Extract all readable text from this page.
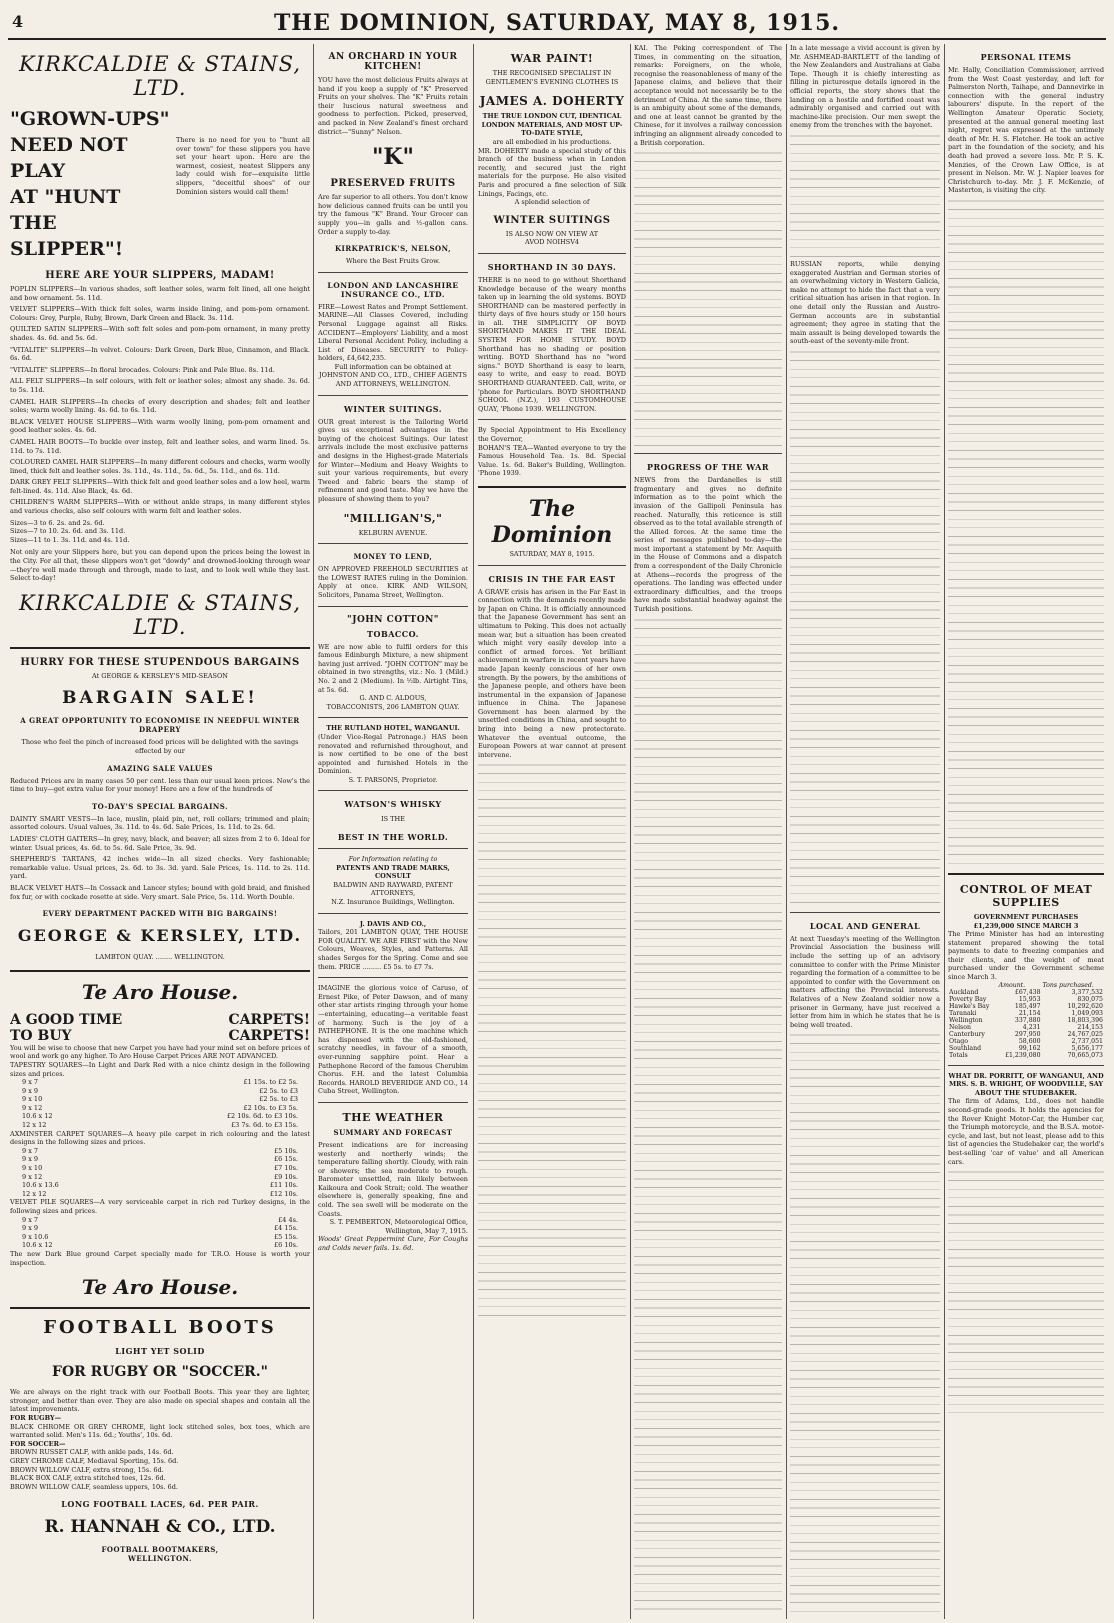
4	THE DOMINION, SATURDAY, MAY 8, 1915.
KIRKCALDIE & STAINS, LTD.
"GROWN-UPS"
NEED NOT PLAY
AT "HUNT THE
SLIPPER"!
There is no need for you to "hunt all over town" for these slippers you have set your heart upon. Here are the warmest, cosiest, neatest Slippers any lady could wish for—exquisite little slippers, "deceitful shoes" of our Dominion sisters would call them!
HERE ARE YOUR SLIPPERS, MADAM!

POPLIN SLIPPERS—In various shades, soft leather soles, warm felt lined, all one height and bow ornament. 5s. 11d.

VELVET SLIPPERS—With thick felt soles, warm inside lining, and pom-pom ornament. Colours: Grey, Purple, Ruby, Brown, Dark Green and Black. 3s. 11d.

QUILTED SATIN SLIPPERS—With soft felt soles and pom-pom ornament, in many pretty shades. 4s. 6d. and 5s. 6d.

"VITALITE" SLIPPERS—In velvet. Colours: Dark Green, Dark Blue, Cinnamon, and Black. 6s. 6d.

"VITALITE" SLIPPERS—In floral brocades. Colours: Pink and Pale Blue. 8s. 11d.

ALL FELT SLIPPERS—In self colours, with felt or leather soles; almost any shade. 3s. 6d. to 5s. 11d.

CAMEL HAIR SLIPPERS—In checks of every description and shades; felt and leather soles; warm woolly lining. 4s. 6d. to 6s. 11d.

BLACK VELVET HOUSE SLIPPERS—With warm woolly lining, pom-pom ornament and good leather soles. 4s. 6d.

CAMEL HAIR BOOTS—To buckle over instep, felt and leather soles, and warm lined. 5s. 11d. to 7s. 11d.

COLOURED CAMEL HAIR SLIPPERS—In many different colours and checks, warm woolly lined, thick felt and leather soles. 3s. 11d., 4s. 11d., 5s. 6d., 5s. 11d., and 6s. 11d.

DARK GREY FELT SLIPPERS—With thick felt and good leather soles and a low heel, warm felt-lined. 4s. 11d. Also Black, 4s. 6d.

CHILDREN'S WARM SLIPPERS—With or without ankle straps, in many different styles and various checks, also self colours with warm felt and leather soles.

Sizes—3 to 6. 2s. and 2s. 6d.
Sizes—7 to 10. 2s. 6d. and 3s. 11d.
Sizes—11 to 1. 3s. 11d. and 4s. 11d.

Not only are your Slippers here, but you can depend upon the prices being the lowest in the City. For all that, these slippers won't get "dowdy" and drowned-looking through wear—they're well made through and through, made to last, and to look well while they last. Select to-day!

KIRKCALDIE & STAINS, LTD.
HURRY FOR THESE STUPENDOUS BARGAINS
At GEORGE & KERSLEY'S MID-SEASON
BARGAIN SALE!
A GREAT OPPORTUNITY TO ECONOMISE IN NEEDFUL WINTER DRAPERY
Those who feel the pinch of increased food prices will be delighted with the savings effected by our
AMAZING SALE VALUES
Reduced Prices are in many cases 50 per cent. less than our usual keen prices. Now's the time to buy—get extra value for your money! Here are a few of the hundreds of
TO-DAY'S SPECIAL BARGAINS.

DAINTY SMART VESTS—In lace, muslin, plaid pin, net, roll collars; trimmed and plain; assorted colours. Usual values, 3s. 11d. to 4s. 6d. Sale Prices, 1s. 11d. to 2s. 6d.

LADIES' CLOTH GAITERS—In grey, navy, black, and beaver; all sizes from 2 to 6. Ideal for winter. Usual prices, 4s. 6d. to 5s. 6d. Sale Price, 3s. 9d.

SHEPHERD'S TARTANS, 42 inches wide—In all sized checks. Very fashionable; remarkable value. Usual prices, 2s. 6d. to 3s. 3d. yard. Sale Prices, 1s. 11d. to 2s. 11d. yard.

BLACK VELVET HATS—In Cossack and Lancer styles; bound with gold braid, and finished fox fur, or with cockade rosette at side. Very smart. Sale Price, 5s. 11d. Worth Double.

EVERY DEPARTMENT PACKED WITH BIG BARGAINS!
GEORGE & KERSLEY, LTD.
LAMBTON QUAY. ........ WELLINGTON.
Te Aro House.
A GOOD TIME
TO BUY
CARPETS!
CARPETS!
You will be wise to choose that new Carpet you have had your mind set on before prices of wool and work go any higher. To Aro House Carpet Prices ARE NOT ADVANCED.
TAPESTRY SQUARES—In Light and Dark Red with a nice chintz design in the following sizes and prices.
9 x 7	£1 15s. to £2 5s.
9 x 9	£2 5s. to £3
9 x 10	£2 5s. to £3
9 x 12	£2 10s. to £3 5s.
10.6 x 12	£2 10s. 6d. to £3 10s.
12 x 12	£3 7s. 6d. to £3 15s.
AXMINSTER CARPET SQUARES—A heavy pile carpet in rich colouring and the latest designs in the following sizes and prices.
9 x 7	£5 10s.
9 x 9	£6 15s.
9 x 10	£7 10s.
9 x 12	£9 10s.
10.6 x 13.6	£11 10s.
12 x 12	£12 10s.
VELVET PILE SQUARES—A very serviceable carpet in rich red Turkey designs, in the following sizes and prices.
9 x 7	£4 4s.
9 x 9	£4 15s.
9 x 10.6	£5 15s.
10.6 x 12	£6 10s.
The new Dark Blue ground Carpet specially made for T.R.O. House is worth your inspection.
Te Aro House.
FOOTBALL BOOTS
LIGHT YET SOLID
FOR RUGBY OR "SOCCER."
We are always on the right track with our Football Boots. This year they are lighter, stronger, and better than ever. They are also made on special shapes and contain all the latest improvements.
FOR RUGBY—
BLACK CHROME OR GREY CHROME, light lock stitched soles, box toes, which are warranted solid. Men's 11s. 6d.; Youths', 10s. 6d.
FOR SOCCER—
BROWN RUSSET CALF, with ankle pads, 14s. 6d.
GREY CHROME CALF, Mediaval Sporting, 15s. 6d.
BROWN WILLOW CALF, extra strong, 15s. 6d.
BLACK BOX CALF, extra stitched toes, 12s. 6d.
BROWN WILLOW CALF, seamless uppers, 10s. 6d.
LONG FOOTBALL LACES, 6d. PER PAIR.
R. HANNAH & CO., LTD.
FOOTBALL BOOTMAKERS,
WELLINGTON.
AN ORCHARD IN YOUR KITCHEN!
YOU have the most delicious Fruits always at hand if you keep a supply of "K" Preserved Fruits on your shelves. The "K" Fruits retain their luscious natural sweetness and goodness to perfection. Picked, preserved, and packed in New Zealand's finest orchard district—"Sunny" Nelson.
"K"
PRESERVED FRUITS
Are far superior to all others. You don't know how delicious canned fruits can be until you try the famous "K" Brand. Your Grocer can supply you—in galls and ½-gallon cans. Order a supply to-day.
KIRKPATRICK'S, NELSON,
Where the Best Fruits Grow.
LONDON AND LANCASHIRE INSURANCE CO., LTD.
FIRE—Lowest Rates and Prompt Settlement. MARINE—All Classes Covered, including Personal Luggage against all Risks. ACCIDENT—Employers' Liability, and a most Liberal Personal Accident Policy, including a List of Diseases. SECURITY to Policy-holders, £4,642,235.
Full information can be obtained at JOHNSTON AND CO., LTD., CHIEF AGENTS AND ATTORNEYS, WELLINGTON.
WINTER SUITINGS.
OUR great interest is the Tailoring World gives us exceptional advantages in the buying of the choicest Suitings. Our latest arrivals include the most exclusive patterns and designs in the Highest-grade Materials for Winter—Medium and Heavy Weights to suit your various requirements, but every Tweed and fabric bears the stamp of refinement and good taste. May we have the pleasure of showing them to you?
"MILLIGAN'S,"
KELBURN AVENUE.
MONEY TO LEND,
ON APPROVED FREEHOLD SECURITIES at the LOWEST RATES ruling in the Dominion. Apply at once. KIRK AND WILSON, Solicitors, Panama Street, Wellington.
"JOHN COTTON"
TOBACCO.
WE are now able to fulfil orders for this famous Edinburgh Mixture, a new shipment having just arrived. "JOHN COTTON" may be obtained in two strengths, viz.: No. 1 (Mild.) No. 2 and 2 (Medium). In ½lb. Airtight Tins, at 5s. 6d.
G. AND C. ALDOUS,
TOBACCONISTS, 206 LAMBTON QUAY.
THE RUTLAND HOTEL, WANGANUI.
(Under Vice-Regal Patronage.) HAS been renovated and refurnished throughout, and is now certified to be one of the best appointed and furnished Hotels in the Dominion.
S. T. PARSONS, Proprietor.
WATSON'S WHISKY
IS THE
BEST IN THE WORLD.
For Information relating to
PATENTS AND TRADE MARKS, CONSULT
BALDWIN AND RAYWARD, PATENT ATTORNEYS,
N.Z. Insurance Buildings, Wellington.
J. DAVIS AND CO.,
Tailors, 201 LAMBTON QUAY, THE HOUSE FOR QUALITY. WE ARE FIRST with the New Colours, Weaves, Styles, and Patterns. All shades Serges for the Spring. Come and see them. PRICE ......... £5 5s. to £7 7s.
IMAGINE the glorious voice of Caruso, of Ernest Pike, of Peter Dawson, and of many other star artists ringing through your home—entertaining, educating—a veritable feast of harmony. Such is the joy of a PATHEPHONE. It is the one machine which has dispensed with the old-fashioned, scratchy needles, in favour of a smooth, ever-running sapphire point. Hear a Pathephone Record of the famous Cherubim Chorus. F.H. and the latest Columbia Records. HAROLD BEVERIDGE AND CO., 14 Cuba Street, Wellington.
THE WEATHER
SUMMARY AND FORECAST
Present indications are for increasing westerly and northerly winds; the temperature falling shortly. Cloudy, with rain or showers; the sea moderate to rough. Barometer unsettled, rain likely between Kaikoura and Cook Strait; cold. The weather elsewhere is, generally speaking, fine and cold. The sea swell will be moderate on the Coasts.
S. T. PEMBERTON, Meteorological Office, Wellington, May 7, 1915.
Woods' Great Peppermint Cure, For Coughs and Colds never fails. 1s. 6d.
WAR PAINT!
THE RECOGNISED SPECIALIST IN GENTLEMEN'S EVENING CLOTHES IS
JAMES A. DOHERTY
THE TRUE LONDON CUT, IDENTICAL LONDON MATERIALS, AND MOST UP-TO-DATE STYLE,
are all embodied in his productions.
MR. DOHERTY made a special study of this branch of the business when in London recently, and secured just the right materials for the purpose. He also visited Paris and procured a fine selection of Silk Linings, Facings, etc.
A splendid selection of
WINTER SUITINGS
IS ALSO NOW ON VIEW AT
AVOD NOIHSV4
SHORTHAND IN 30 DAYS.
THERE is no need to go without Shorthand Knowledge because of the weary months taken up in learning the old systems. BOYD SHORTHAND can be mastered perfectly in thirty days of five hours study or 150 hours in all. THE SIMPLICITY OF BOYD SHORTHAND MAKES IT THE IDEAL SYSTEM FOR HOME STUDY. BOYD Shorthand has no shading or position writing. BOYD Shorthand has no "word signs." BOYD Shorthand is easy to learn, easy to write, and easy to read. BOYD SHORTHAND GUARANTEED. Call, write, or 'phone for Particulars. BOYD SHORTHAND SCHOOL (N.Z.), 193 CUSTOMHOUSE QUAY, 'Phone 1939. WELLINGTON.
By Special Appointment to His Excellency the Governor,
BOHAN'S TEA—Wanted everyone to try the Famous Household Tea. 1s. 8d. Special Value. 1s. 6d. Baker's Building, Wellington. 'Phone 1939.
The Dominion
SATURDAY, MAY 8, 1915.
CRISIS IN THE FAR EAST
A GRAVE crisis has arisen in the Far East in connection with the demands recently made by Japan on China. It is officially announced that the Japanese Government has sent an ultimatum to Peking. This does not actually mean war, but a situation has been created which might very easily develop into a conflict of armed forces. Yet brilliant achievement in warfare in recent years have made Japan keenly conscious of her own strength. By the powers, by the ambitions of the Japanese people, and others have been instrumental in the expansion of Japanese influence in China. The Japanese Government has been alarmed by the unsettled conditions in China, and sought to bring into being a new protectorate. Whatever the eventual outcome, the European Powers at war cannot at present intervene.
KAI. The Peking correspondent of The Times, in commenting on the situation, remarks: Foreigners, on the whole, recognise the reasonableness of many of the Japanese claims, and believe that their acceptance would not necessarily be to the detriment of China. At the same time, there is an ambiguity about some of the demands, and one at least cannot be granted by the Chinese, for it involves a railway concession infringing an alignment already conceded to a British corporation.
PROGRESS OF THE WAR
NEWS from the Dardanelles is still fragmentary and gives no definite information as to the point which the invasion of the Gallipoli Peninsula has reached. Naturally, this reticence is still observed as to the total available strength of the Allied forces. At the same time the series of messages published to-day—the most important a statement by Mr. Asquith in the House of Commons and a dispatch from a correspondent of the Daily Chronicle at Athens—records the progress of the operations. The landing was effected under extraordinary difficulties, and the troops have made substantial headway against the Turkish positions.
In a late message a vivid account is given by Mr. ASHMEAD-BARTLETT of the landing of the New Zealanders and Australians at Gaba Tepe. Though it is chiefly interesting as filling in picturesque details ignored in the official reports, the story shows that the landing on a hostile and fortified coast was admirably organised and carried out with machine-like precision. Our men swept the enemy from the trenches with the bayonet.
RUSSIAN reports, while denying exaggerated Austrian and German stories of an overwhelming victory in Western Galicia, make no attempt to hide the fact that a very critical situation has arisen in that region. In one detail only the Russian and Austro-German accounts are in substantial agreement; they agree in stating that the main assault is being developed towards the south-east of the seventy-mile front.
LOCAL AND GENERAL
At next Tuesday's meeting of the Wellington Provincial Association the business will include the setting up of an advisory committee to confer with the Prime Minister regarding the formation of a committee to be appointed to confer with the Government on matters affecting the Provincial interests. Relatives of a New Zealand soldier now a prisoner in Germany, have just received a letter from him in which he states that he is being well treated.
PERSONAL ITEMS
Mr. Hally, Conciliation Commissioner, arrived from the West Coast yesterday, and left for Palmerston North, Taihape, and Dannevirke in connection with the general industry labourers' dispute. In the report of the Wellington Amateur Operatic Society, presented at the annual general meeting last night, regret was expressed at the untimely death of Mr. H. S. Fletcher. He took an active part in the foundation of the society, and his death had proved a severe loss. Mr. P. S. K. Menzies, of the Crown Law Office, is at present in Nelson. Mr. W. J. Napier leaves for Christchurch to-day. Mr. J. F. McKenzie, of Masterton, is visiting the city.
CONTROL OF MEAT SUPPLIES
GOVERNMENT PURCHASES
£1,239,000 SINCE MARCH 3
The Prime Minister has had an interesting statement prepared showing the total payments to date to freezing companies and their clients, and the weight of meat purchased under the Government scheme since March 3.
	Amount.	Tons purchased.
Auckland	£67,438	3,377,532
Poverty Bay	15,953	830,075
Hawke's Bay	185,497	10,292,620
Taranaki	21,154	1,049,093
Wellington	337,880	18,803,396
Nelson	4,231	214,153
Canterbury	297,950	24,767,025
Otago	58,600	2,737,051
Southland	99,162	5,656,177
Totals	£1,239,080	70,665,073
WHAT DR. PORRITT, OF WANGANUI, AND MRS. S. B. WRIGHT, OF WOODVILLE, SAY ABOUT THE STUDEBAKER.
The firm of Adams, Ltd., does not handle second-grade goods. It holds the agencies for the Rover Knight Motor-Car, the Humber car, the Triumph motorcycle, and the B.S.A. motor-cycle, and last, but not least, please add to this list of agencies the Studebaker car, the world's best-selling 'car of value' and all American cars.
